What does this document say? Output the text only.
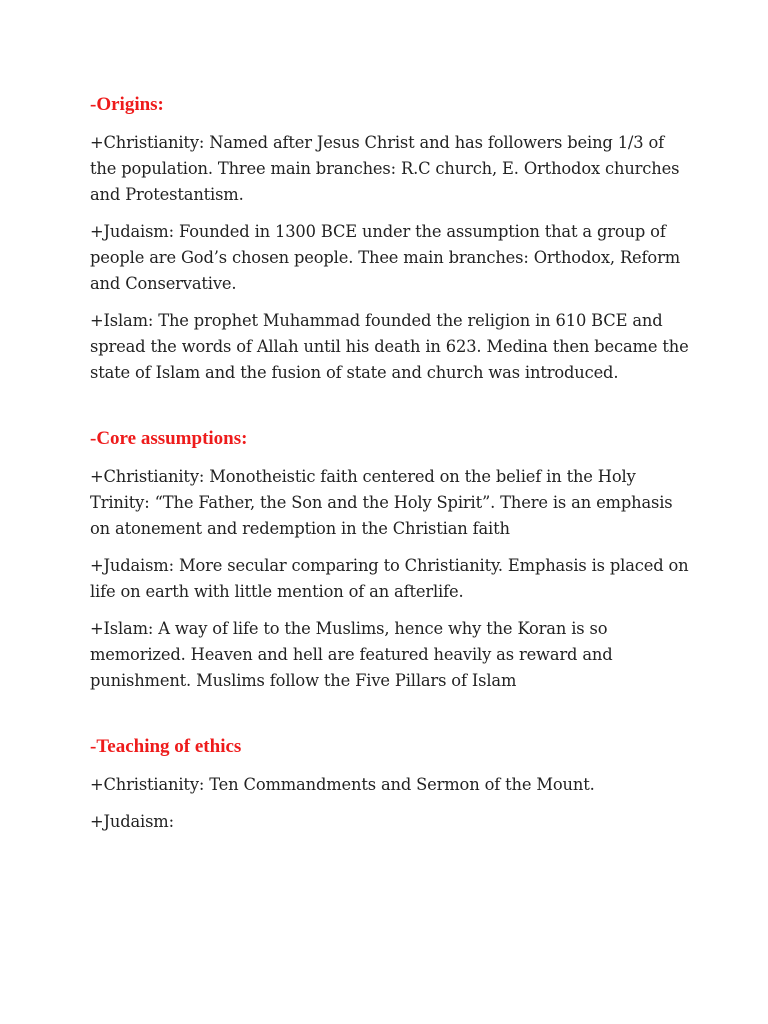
-Origins:

+Christianity: Named after Jesus Christ and has followers being 1/3 of the population. Three main branches: R.C church, E. Orthodox churches and Protestantism.

+Judaism: Founded in 1300 BCE under the assumption that a group of people are God’s chosen people. Thee main branches: Orthodox, Reform and Conservative.

+Islam: The prophet Muhammad founded the religion in 610 BCE and spread the words of Allah until his death in 623. Medina then became the state of Islam and the fusion of state and church was introduced.

-Core assumptions:

+Christianity: Monotheistic faith centered on the belief in the Holy Trinity: “The Father, the Son and the Holy Spirit”. There is an emphasis on atonement and redemption in the Christian faith

+Judaism: More secular comparing to Christianity. Emphasis is placed on life on earth with little mention of an afterlife.

+Islam: A way of life to the Muslims, hence why the Koran is so memorized. Heaven and hell are featured heavily as reward and punishment. Muslims follow the Five Pillars of Islam

-Teaching of ethics

+Christianity: Ten Commandments and Sermon of the Mount.

+Judaism:
